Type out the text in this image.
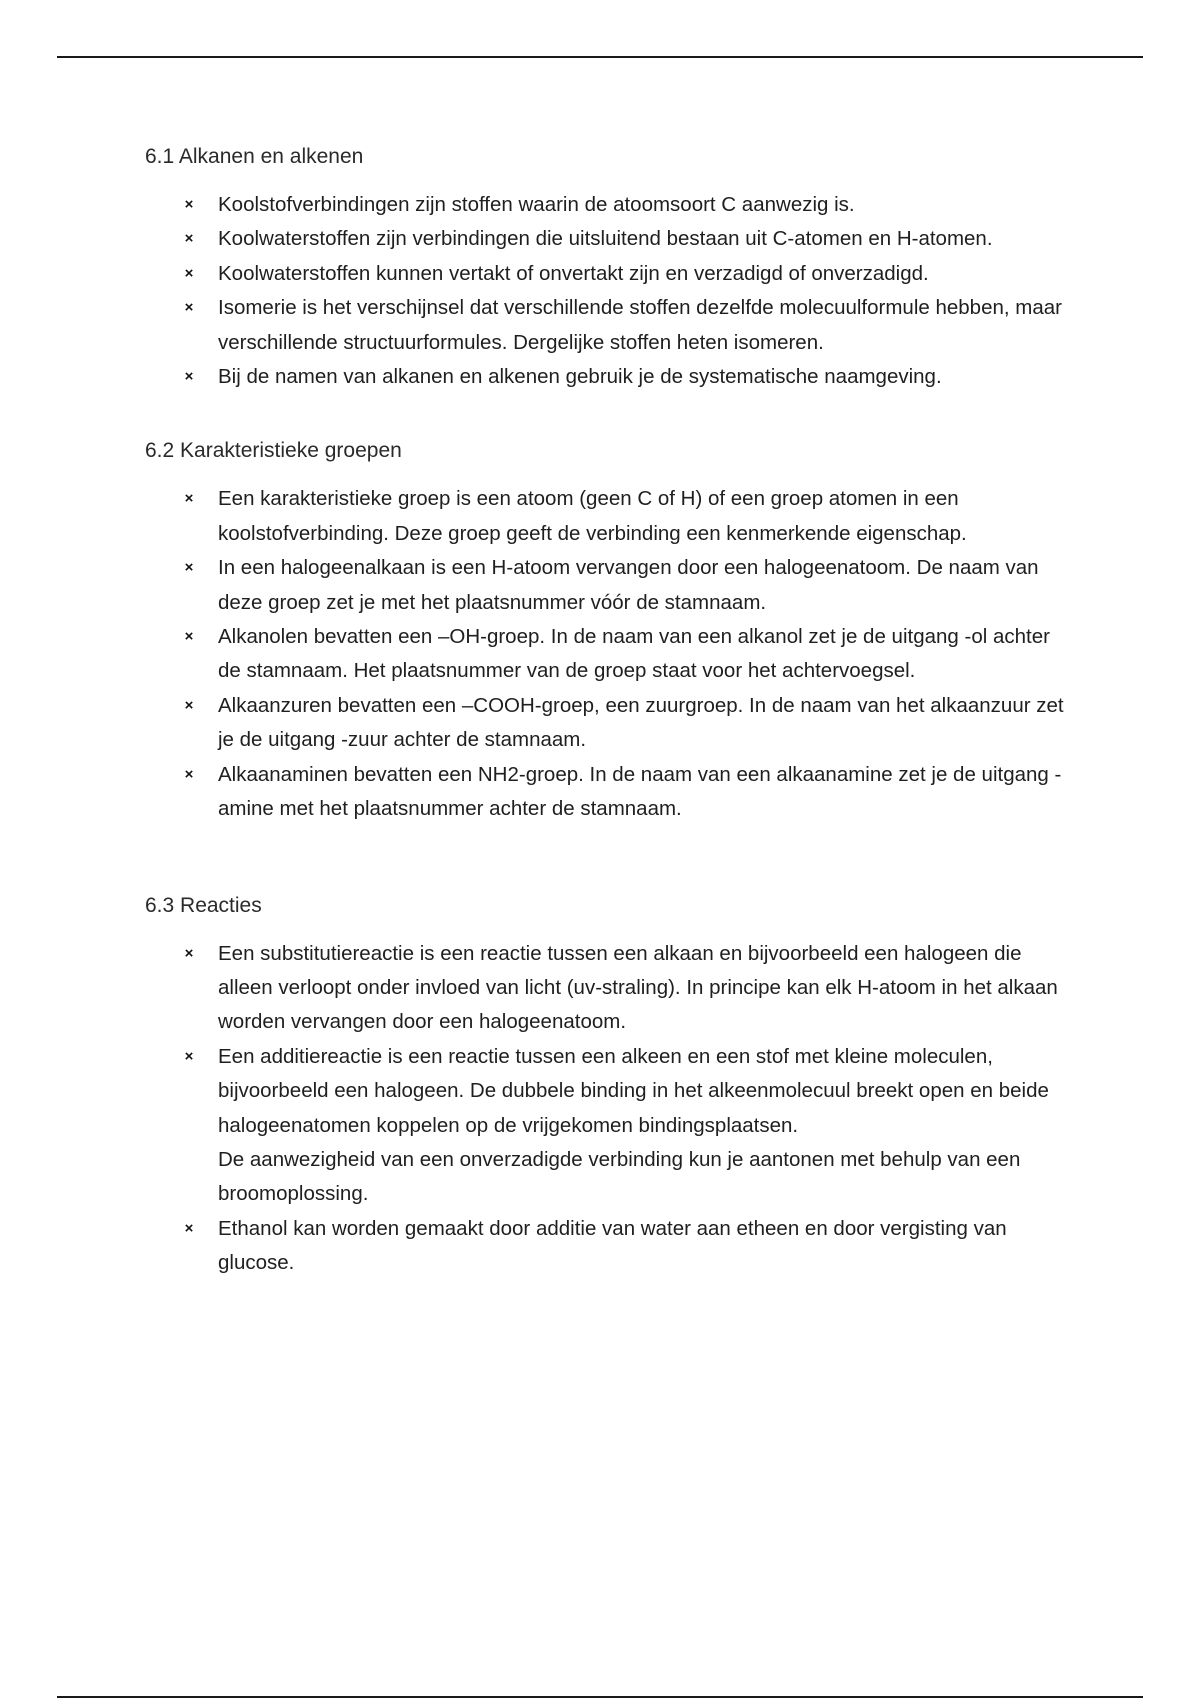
6.1 Alkanen en alkenen
× Koolstofverbindingen zijn stoffen waarin de atoomsoort C aanwezig is.
× Koolwaterstoffen zijn verbindingen die uitsluitend bestaan uit C-atomen en H-atomen.
× Koolwaterstoffen kunnen vertakt of onvertakt zijn en verzadigd of onverzadigd.
× Isomerie is het verschijnsel dat verschillende stoffen dezelfde molecuulformule hebben, maar verschillende structuurformules. Dergelijke stoffen heten isomeren.
× Bij de namen van alkanen en alkenen gebruik je de systematische naamgeving.
6.2 Karakteristieke groepen
× Een karakteristieke groep is een atoom (geen C of H) of een groep atomen in een koolstofverbinding. Deze groep geeft de verbinding een kenmerkende eigenschap.
× In een halogeenalkaan is een H-atoom vervangen door een halogeenatoom. De naam van deze groep zet je met het plaatsnummer vóór de stamnaam.
× Alkanolen bevatten een –OH-groep. In de naam van een alkanol zet je de uitgang -ol achter de stamnaam. Het plaatsnummer van de groep staat voor het achtervoegsel.
× Alkaanzuren bevatten een –COOH-groep, een zuurgroep. In de naam van het alkaanzuur zet je de uitgang -zuur achter de stamnaam.
× Alkaanaminen bevatten een NH2-groep. In de naam van een alkaanamine zet je de uitgang -amine met het plaatsnummer achter de stamnaam.
6.3 Reacties
× Een substitutiereactie is een reactie tussen een alkaan en bijvoorbeeld een halogeen die alleen verloopt onder invloed van licht (uv-straling). In principe kan elk H-atoom in het alkaan worden vervangen door een halogeenatoom.
× Een additiereactie is een reactie tussen een alkeen en een stof met kleine moleculen, bijvoorbeeld een halogeen. De dubbele binding in het alkeenmolecuul breekt open en beide halogeenatomen koppelen op de vrijgekomen bindingsplaatsen.
De aanwezigheid van een onverzadigde verbinding kun je aantonen met behulp van een broomoplossing.
× Ethanol kan worden gemaakt door additie van water aan etheen en door vergisting van glucose.
